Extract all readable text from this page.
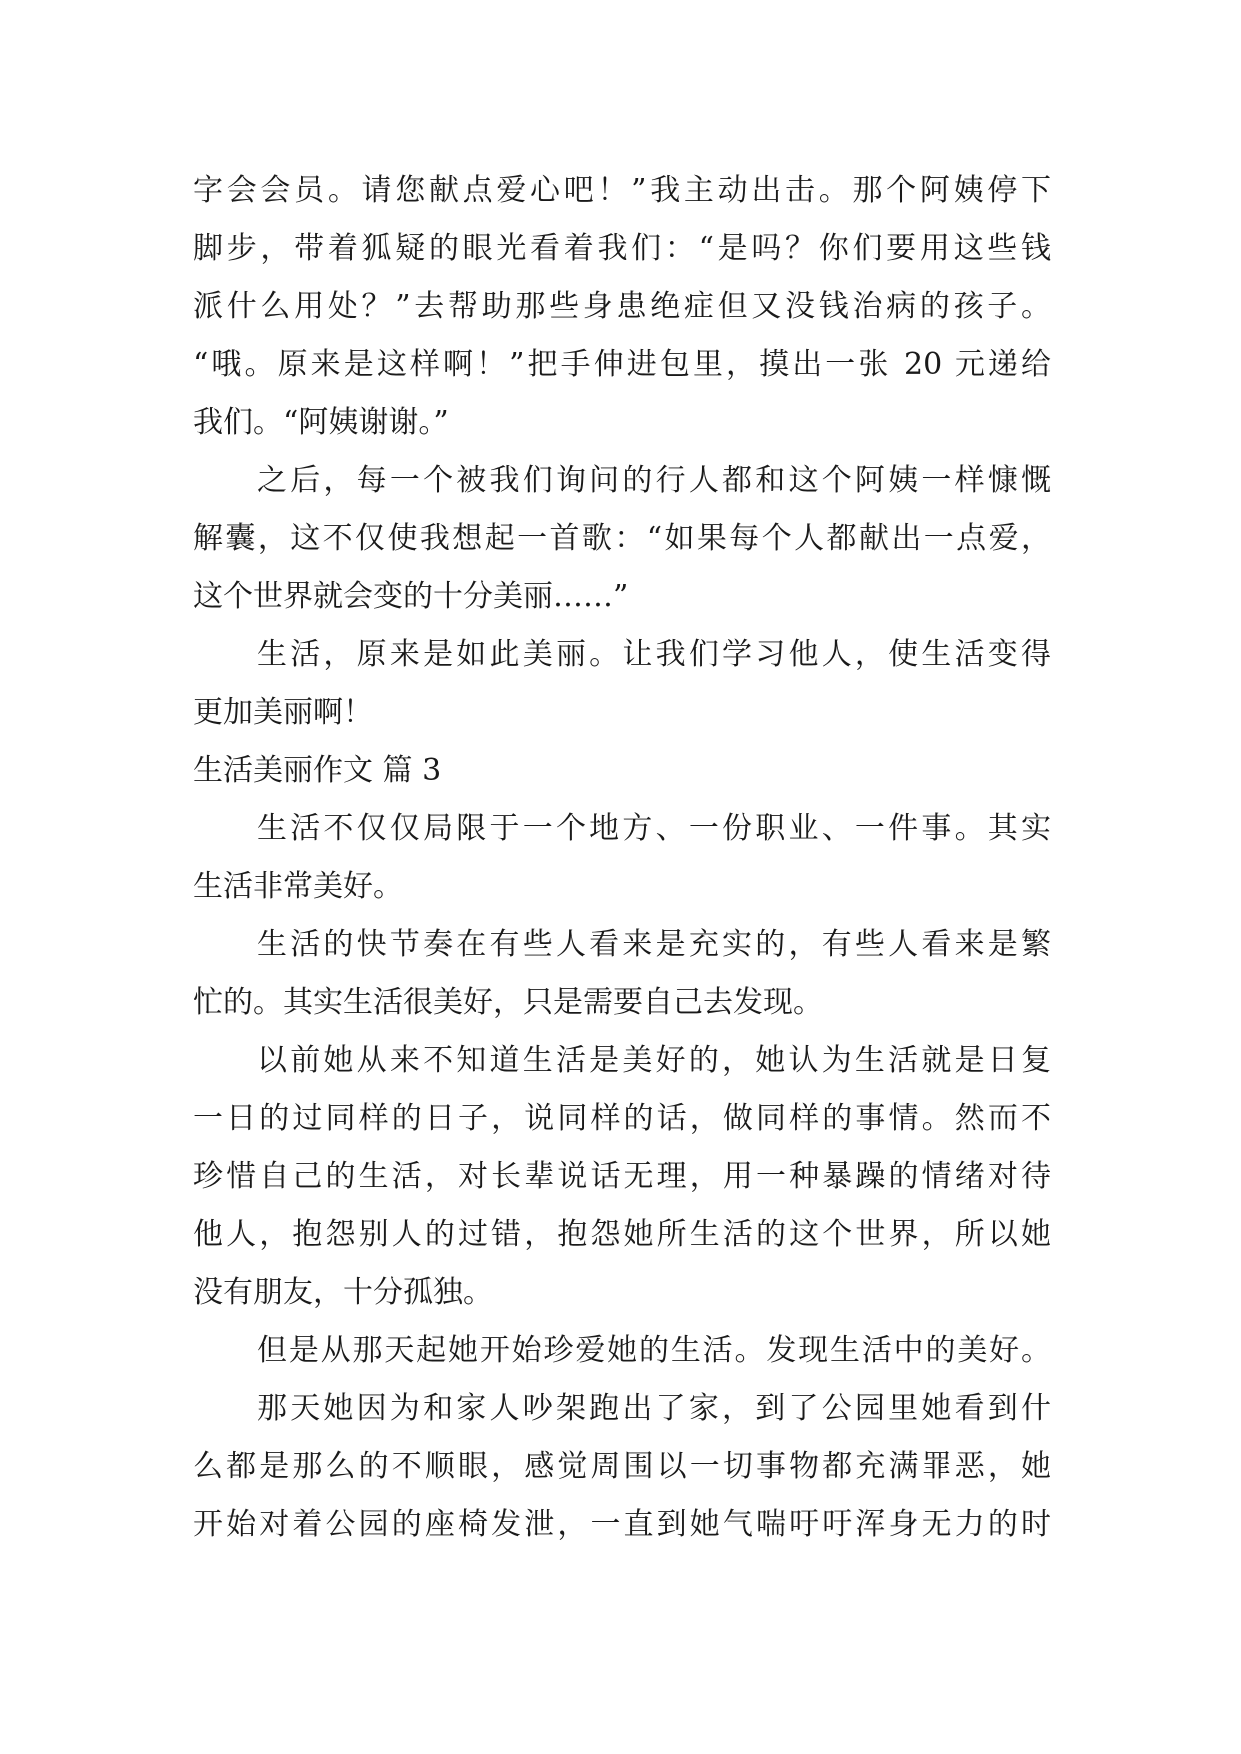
字会会员。请您献点爱心吧！”我主动出击。那个阿姨停下
脚步，带着狐疑的眼光看着我们：“是吗？你们要用这些钱
派什么用处？”去帮助那些身患绝症但又没钱治病的孩子。
“哦。原来是这样啊！”把手伸进包里，摸出一张 20 元递给
我们。“阿姨谢谢。”
之后，每一个被我们询问的行人都和这个阿姨一样慷慨
解囊，这不仅使我想起一首歌：“如果每个人都献出一点爱，
这个世界就会变的十分美丽……”
生活，原来是如此美丽。让我们学习他人，使生活变得
更加美丽啊！
生活美丽作文 篇 3
生活不仅仅局限于一个地方、一份职业、一件事。其实
生活非常美好。
生活的快节奏在有些人看来是充实的，有些人看来是繁
忙的。其实生活很美好，只是需要自己去发现。
以前她从来不知道生活是美好的，她认为生活就是日复
一日的过同样的日子，说同样的话，做同样的事情。然而不
珍惜自己的生活，对长辈说话无理，用一种暴躁的情绪对待
他人，抱怨别人的过错，抱怨她所生活的这个世界，所以她
没有朋友，十分孤独。
但是从那天起她开始珍爱她的生活。发现生活中的美好。
那天她因为和家人吵架跑出了家，到了公园里她看到什
么都是那么的不顺眼，感觉周围以一切事物都充满罪恶，她
开始对着公园的座椅发泄，一直到她气喘吁吁浑身无力的时
